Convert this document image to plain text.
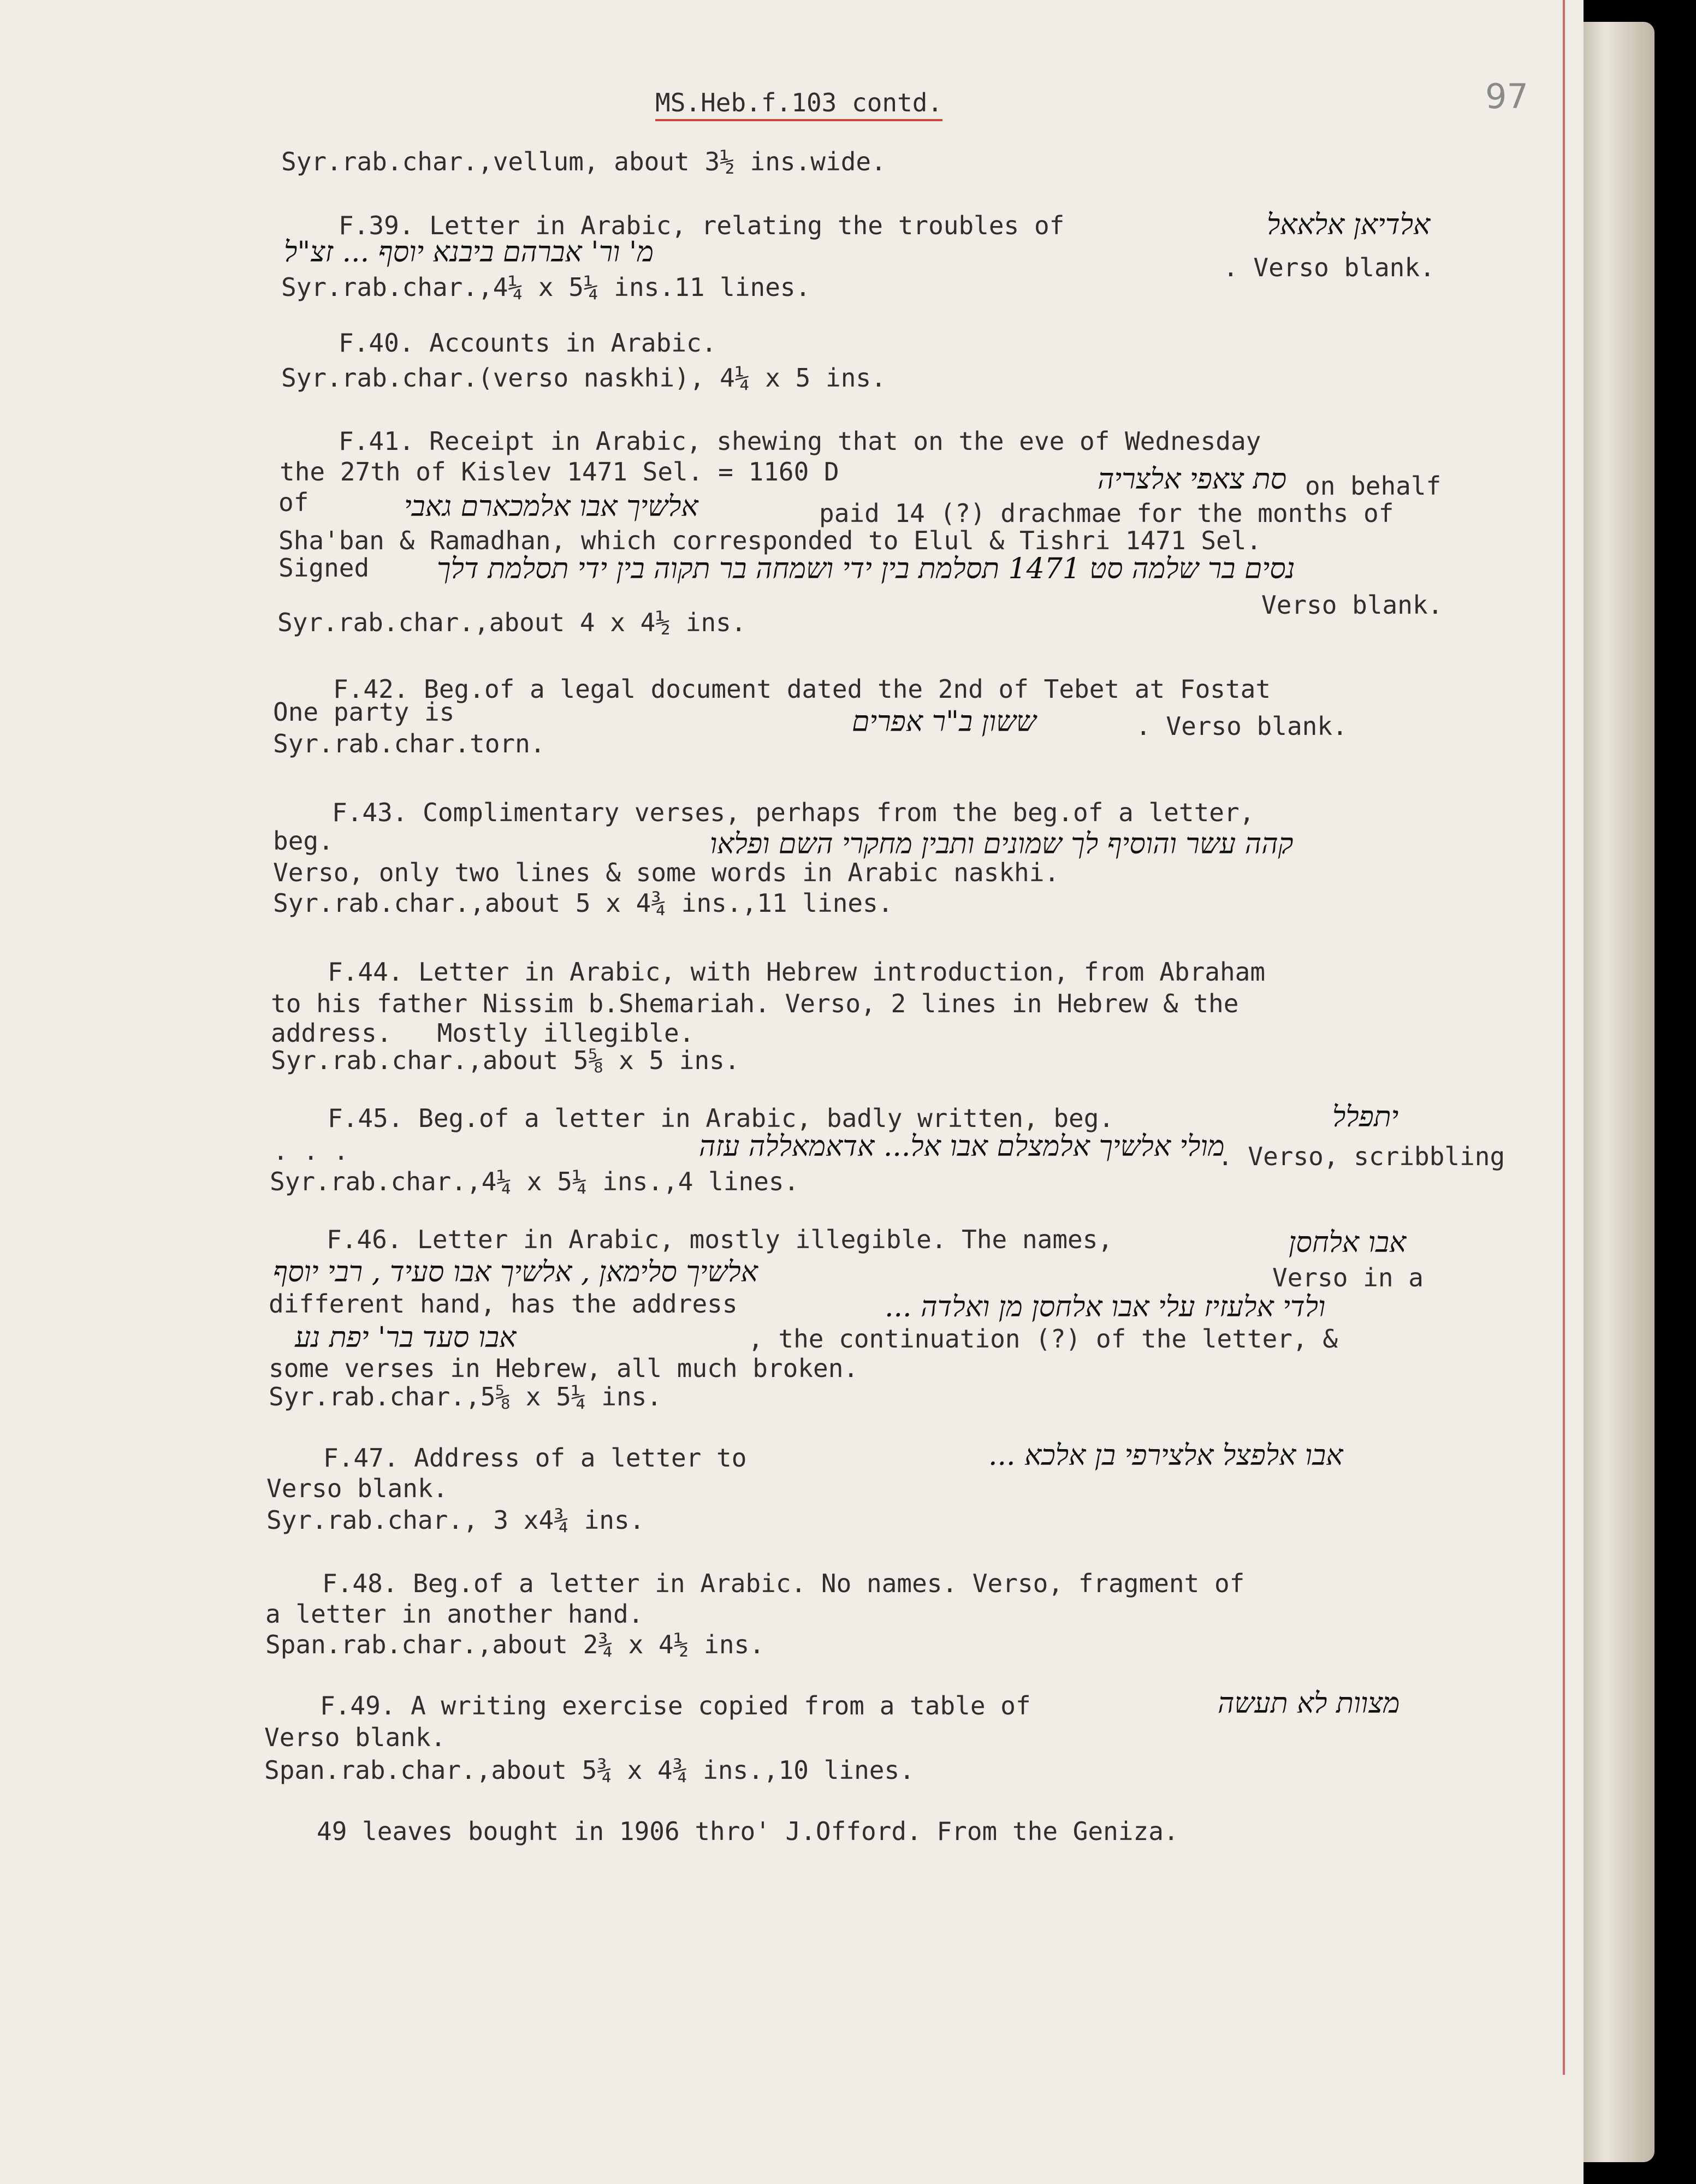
97
MS.Heb.f.103 contd.
Syr.rab.char.,vellum, about 3½ ins.wide.
F.39. Letter in Arabic, relating the troubles of	אלדיאן אלאאל
מ' ור' אברהם ביבנא יוסף ... זצ"ל	. Verso blank.
Syr.rab.char.,4¼ x 5¼ ins.11 lines.
F.40. Accounts in Arabic.
Syr.rab.char.(verso naskhi), 4¼ x 5 ins.
F.41. Receipt in Arabic, shewing that on the eve of Wednesday
the 27th of Kislev 1471 Sel. = 1160 D	סת צאפי אלצריה on behalf
of	אלשיך אבו אלמכארם גאבי	paid 14 (?) drachmae for the months of
Sha'ban & Ramadhan, which corresponded to Elul & Tishri 1471 Sel.
Signed נסים בר שלמה סט 1471 תסלמת בין ידי ושמחה בר תקוה בין ידי תסלמת דלך
Verso blank.
Syr.rab.char.,about 4 x 4½ ins.
F.42. Beg.of a legal document dated the 2nd of Tebet at Fostat
One party is	ששון ב"ר אפרים	. Verso blank.
Syr.rab.char.torn.
F.43. Complimentary verses, perhaps from the beg.of a letter,
beg.	קהה עשר והוסיף לך שמונים ותבין מחקרי השם ופלאו
Verso, only two lines & some words in Arabic naskhi.
Syr.rab.char.,about 5 x 4¾ ins.,11 lines.
F.44. Letter in Arabic, with Hebrew introduction, from Abraham
to his father Nissim b.Shemariah. Verso, 2 lines in Hebrew & the
address.   Mostly illegible.
Syr.rab.char.,about 5⅝ x 5 ins.
F.45. Beg.of a letter in Arabic, badly written, beg.	יתפלל
. . .	מולי אלשיך אלמצלם אבו אל... אדאמאללה עזה
. Verso, scribbling
Syr.rab.char.,4¼ x 5¼ ins.,4 lines.
F.46. Letter in Arabic, mostly illegible. The names,	אבו אלחסן
אלשיך סלימאן , אלשיך אבו סעיד , רבי יוסף	Verso in a
different hand, has the address	ולדי אלעזיז עלי אבו אלחסן מן ואלדה ...
אבו סעד בר' יפת נע	, the continuation (?) of the letter, &
some verses in Hebrew, all much broken.
Syr.rab.char.,5⅝ x 5¼ ins.
F.47. Address of a letter to	אבו אלפצל אלצירפי בן אלכא ...
Verso blank.
Syr.rab.char., 3 x4¾ ins.
F.48. Beg.of a letter in Arabic. No names. Verso, fragment of
a letter in another hand.
Span.rab.char.,about 2¾ x 4½ ins.
F.49. A writing exercise copied from a table of	מצוות לא תעשה
Verso blank.
Span.rab.char.,about 5¾ x 4¾ ins.,10 lines.
49 leaves bought in 1906 thro' J.Offord. From the Geniza.
